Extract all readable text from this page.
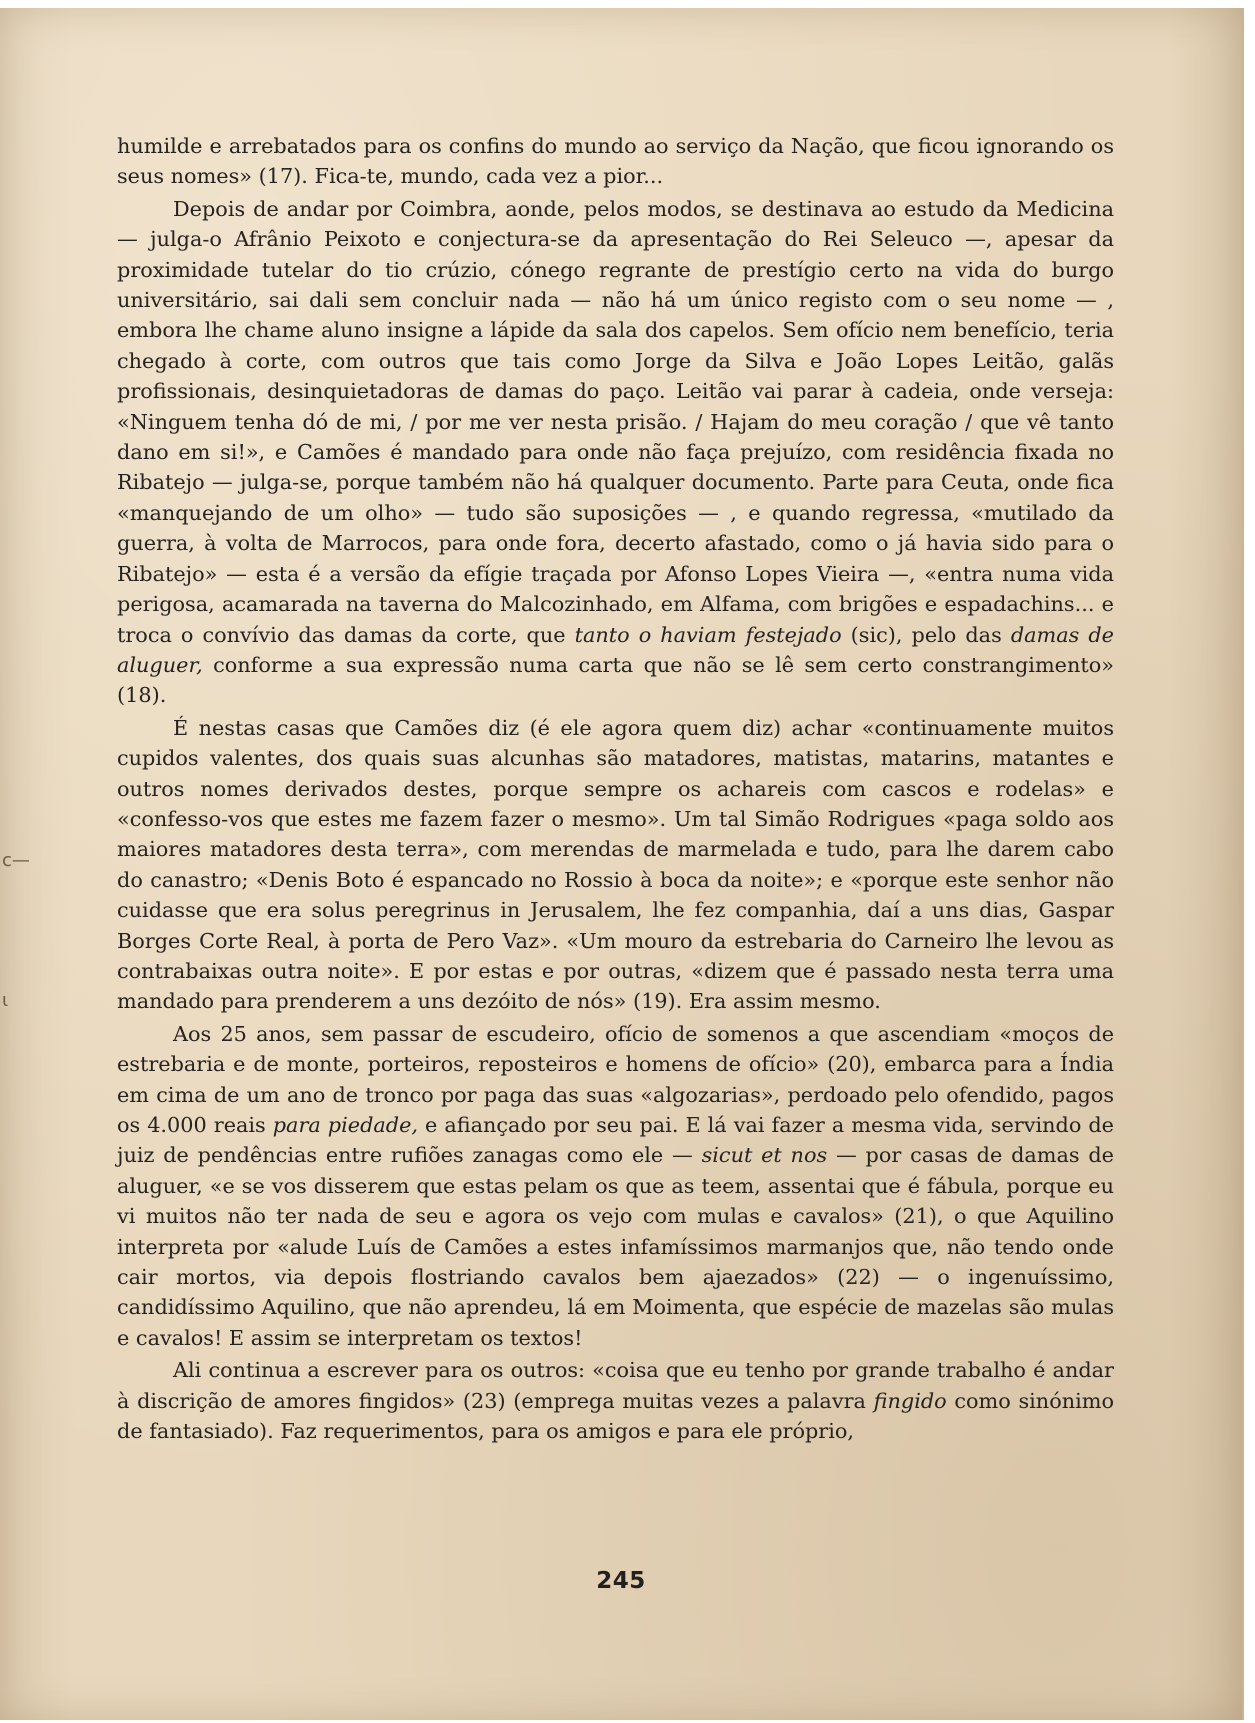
c—
ɩ

humilde e arrebatados para os confins do mundo ao serviço da Nação, que ficou ignorando os seus nomes» (17). Fica-te, mundo, cada vez a pior...

Depois de andar por Coimbra, aonde, pelos modos, se destinava ao estudo da Medicina — julga-o Afrânio Peixoto e conjectura-se da apresentação do Rei Seleuco —, apesar da proximidade tutelar do tio crúzio, cónego regrante de prestígio certo na vida do burgo universitário, sai dali sem concluir nada — não há um único registo com o seu nome — , embora lhe chame aluno insigne a lápide da sala dos capelos. Sem ofício nem benefício, teria chegado à corte, com outros que tais como Jorge da Silva e João Lopes Leitão, galãs profissionais, desinquietadoras de damas do paço. Leitão vai parar à cadeia, onde verseja: «Ninguem tenha dó de mi, / por me ver nesta prisão. / Hajam do meu coração / que vê tanto dano em si!», e Camões é mandado para onde não faça prejuízo, com residência fixada no Ribatejo — julga-se, porque também não há qualquer documento. Parte para Ceuta, onde fica «manquejando de um olho» — tudo são suposições — , e quando regressa, «mutilado da guerra, à volta de Marrocos, para onde fora, decerto afastado, como o já havia sido para o Ribatejo» — esta é a versão da efígie traçada por Afonso Lopes Vieira —, «entra numa vida perigosa, acamarada na taverna do Malcozinhado, em Alfama, com brigões e espadachins... e troca o convívio das damas da corte, que tanto o haviam festejado (sic), pelo das damas de aluguer, conforme a sua expressão numa carta que não se lê sem certo constrangimento» (18).

É nestas casas que Camões diz (é ele agora quem diz) achar «continuamente muitos cupidos valentes, dos quais suas alcunhas são matadores, matistas, matarins, matantes e outros nomes derivados destes, porque sempre os achareis com cascos e rodelas» e «confesso-vos que estes me fazem fazer o mesmo». Um tal Simão Rodrigues «paga soldo aos maiores matadores desta terra», com merendas de marmelada e tudo, para lhe darem cabo do canastro; «Denis Boto é espancado no Rossio à boca da noite»; e «porque este senhor não cuidasse que era solus peregrinus in Jerusalem, lhe fez companhia, daí a uns dias, Gaspar Borges Corte Real, à porta de Pero Vaz». «Um mouro da estrebaria do Carneiro lhe levou as contrabaixas outra noite». E por estas e por outras, «dizem que é passado nesta terra uma mandado para prenderem a uns dezóito de nós» (19). Era assim mesmo.

Aos 25 anos, sem passar de escudeiro, ofício de somenos a que ascendiam «moços de estrebaria e de monte, porteiros, reposteiros e homens de ofício» (20), embarca para a Índia em cima de um ano de tronco por paga das suas «algozarias», perdoado pelo ofendido, pagos os 4.000 reais para piedade, e afiançado por seu pai. E lá vai fazer a mesma vida, servindo de juiz de pendências entre rufiões zanagas como ele — sicut et nos — por casas de damas de aluguer, «e se vos disserem que estas pelam os que as teem, assentai que é fábula, porque eu vi muitos não ter nada de seu e agora os vejo com mulas e cavalos» (21), o que Aquilino interpreta por «alude Luís de Camões a estes infamíssimos marmanjos que, não tendo onde cair mortos, via depois flostriando cavalos bem ajaezados» (22) — o ingenuíssimo, candidíssimo Aquilino, que não aprendeu, lá em Moimenta, que espécie de mazelas são mulas e cavalos! E assim se interpretam os textos!

Ali continua a escrever para os outros: «coisa que eu tenho por grande trabalho é andar à discrição de amores fingidos» (23) (emprega muitas vezes a palavra fingido como sinónimo de fantasiado). Faz requerimentos, para os amigos e para ele próprio,

245
